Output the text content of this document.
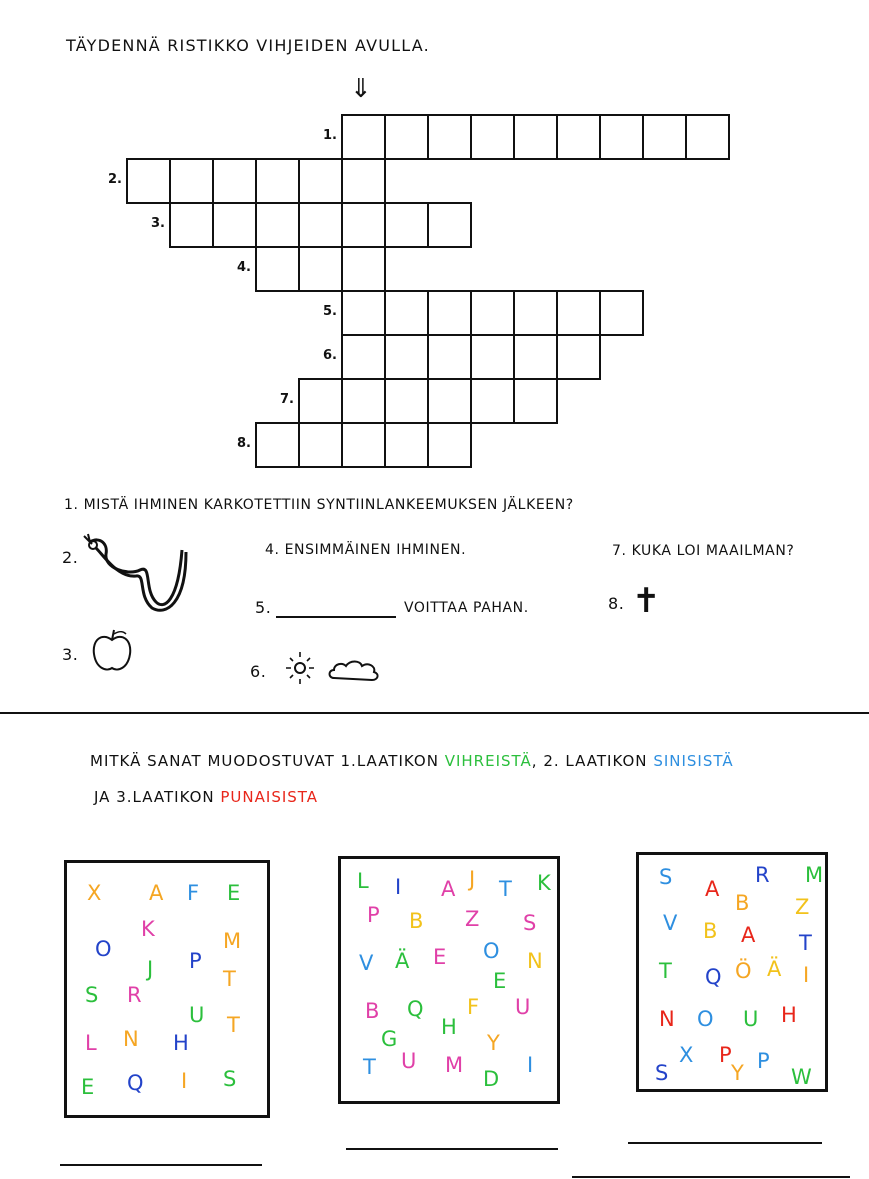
TÄYDENNÄ RISTIKKO VIHJEIDEN AVULLA.
⇓
1.
2.
3.
4.
5.
6.
7.
8.
1. MISTÄ IHMINEN KARKOTETTIIN SYNTIINLANKEEMUKSEN JÄLKEEN?
2.
3.
4. ENSIMMÄINEN IHMINEN.
5.	VOITTAA PAHAN.
6.
7. KUKA LOI MAAILMAN?
8. ✝
MITKÄ SANAT MUODOSTUVAT 1.LAATIKON VIHREISTÄ, 2. LAATIKON SINISISTÄ
JA 3.LAATIKON PUNAISISTA
X A F E
O
K	M
J P
S R
T
U T
L N H
E Q I S
L I A J T K
P B Z S
V Ä E O N
E
B Q F U
G H
Y
T U M
D
I
S A
R M
B Z
V B A T
T Q Ö Ä I
N O U H
S
X P
Y P
W
